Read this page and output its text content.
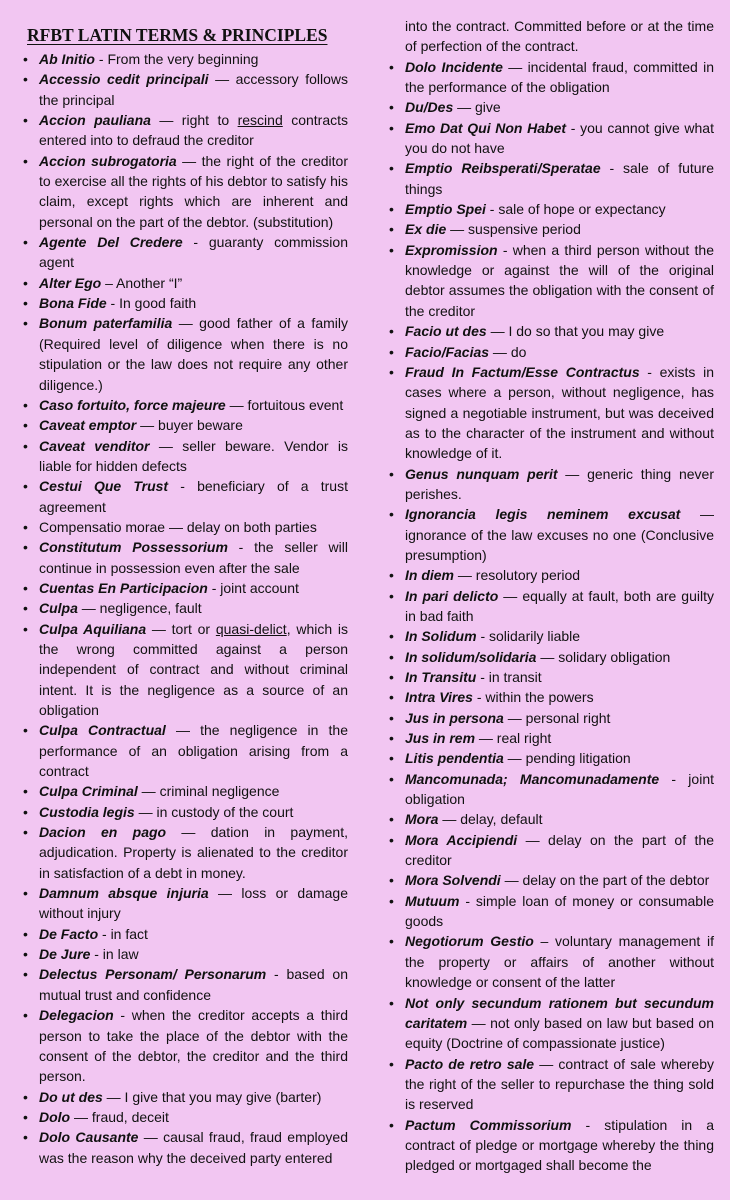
RFBT LATIN TERMS & PRINCIPLES
• Ab Initio - From the very beginning
• Accessio cedit principali — accessory follows the principal
• Accion pauliana — right to rescind contracts entered into to defraud the creditor
• Accion subrogatoria — the right of the creditor to exercise all the rights of his debtor to satisfy his claim, except rights which are inherent and personal on the part of the debtor. (substitution)
• Agente Del Credere - guaranty commission agent
• Alter Ego – Another “I”
• Bona Fide - In good faith
• Bonum paterfamilia — good father of a family (Required level of diligence when there is no stipulation or the law does not require any other diligence.)
• Caso fortuito, force majeure — fortuitous event
• Caveat emptor — buyer beware
• Caveat venditor — seller beware. Vendor is liable for hidden defects
• Cestui Que Trust - beneficiary of a trust agreement
• Compensatio morae — delay on both parties
• Constitutum Possessorium - the seller will continue in possession even after the sale
• Cuentas En Participacion - joint account
• Culpa — negligence, fault
• Culpa Aquiliana — tort or quasi-delict, which is the wrong committed against a person independent of contract and without criminal intent. It is the negligence as a source of an obligation
• Culpa Contractual — the negligence in the performance of an obligation arising from a contract
• Culpa Criminal — criminal negligence
• Custodia legis — in custody of the court
• Dacion en pago — dation in payment, adjudication. Property is alienated to the creditor in satisfaction of a debt in money.
• Damnum absque injuria — loss or damage without injury
• De Facto - in fact
• De Jure - in law
• Delectus Personam/ Personarum - based on mutual trust and confidence
• Delegacion - when the creditor accepts a third person to take the place of the debtor with the consent of the debtor, the creditor and the third person.
• Do ut des — I give that you may give (barter)
• Dolo — fraud, deceit
• Dolo Causante — causal fraud, fraud employed was the reason why the deceived party entered
into the contract. Committed before or at the time of perfection of the contract.
• Dolo Incidente — incidental fraud, committed in the performance of the obligation
• Du/Des — give
• Emo Dat Qui Non Habet - you cannot give what you do not have
• Emptio Reibsperati/Speratae - sale of future things
• Emptio Spei - sale of hope or expectancy
• Ex die — suspensive period
• Expromission - when a third person without the knowledge or against the will of the original debtor assumes the obligation with the consent of the creditor
• Facio ut des — I do so that you may give
• Facio/Facias — do
• Fraud In Factum/Esse Contractus - exists in cases where a person, without negligence, has signed a negotiable instrument, but was deceived as to the character of the instrument and without knowledge of it.
• Genus nunquam perit — generic thing never perishes.
• Ignorancia legis neminem excusat — ignorance of the law excuses no one (Conclusive presumption)
• In diem — resolutory period
• In pari delicto — equally at fault, both are guilty in bad faith
• In Solidum - solidarily liable
• In solidum/solidaria — solidary obligation
• In Transitu - in transit
• Intra Vires - within the powers
• Jus in persona — personal right
• Jus in rem — real right
• Litis pendentia — pending litigation
• Mancomunada; Mancomunadamente - joint obligation
• Mora — delay, default
• Mora Accipiendi — delay on the part of the creditor
• Mora Solvendi — delay on the part of the debtor
• Mutuum - simple loan of money or consumable goods
• Negotiorum Gestio – voluntary management if the property or affairs of another without knowledge or consent of the latter
• Not only secundum rationem but secundum caritatem — not only based on law but based on equity (Doctrine of compassionate justice)
• Pacto de retro sale — contract of sale whereby the right of the seller to repurchase the thing sold is reserved
• Pactum Commissorium - stipulation in a contract of pledge or mortgage whereby the thing pledged or mortgaged shall become the
